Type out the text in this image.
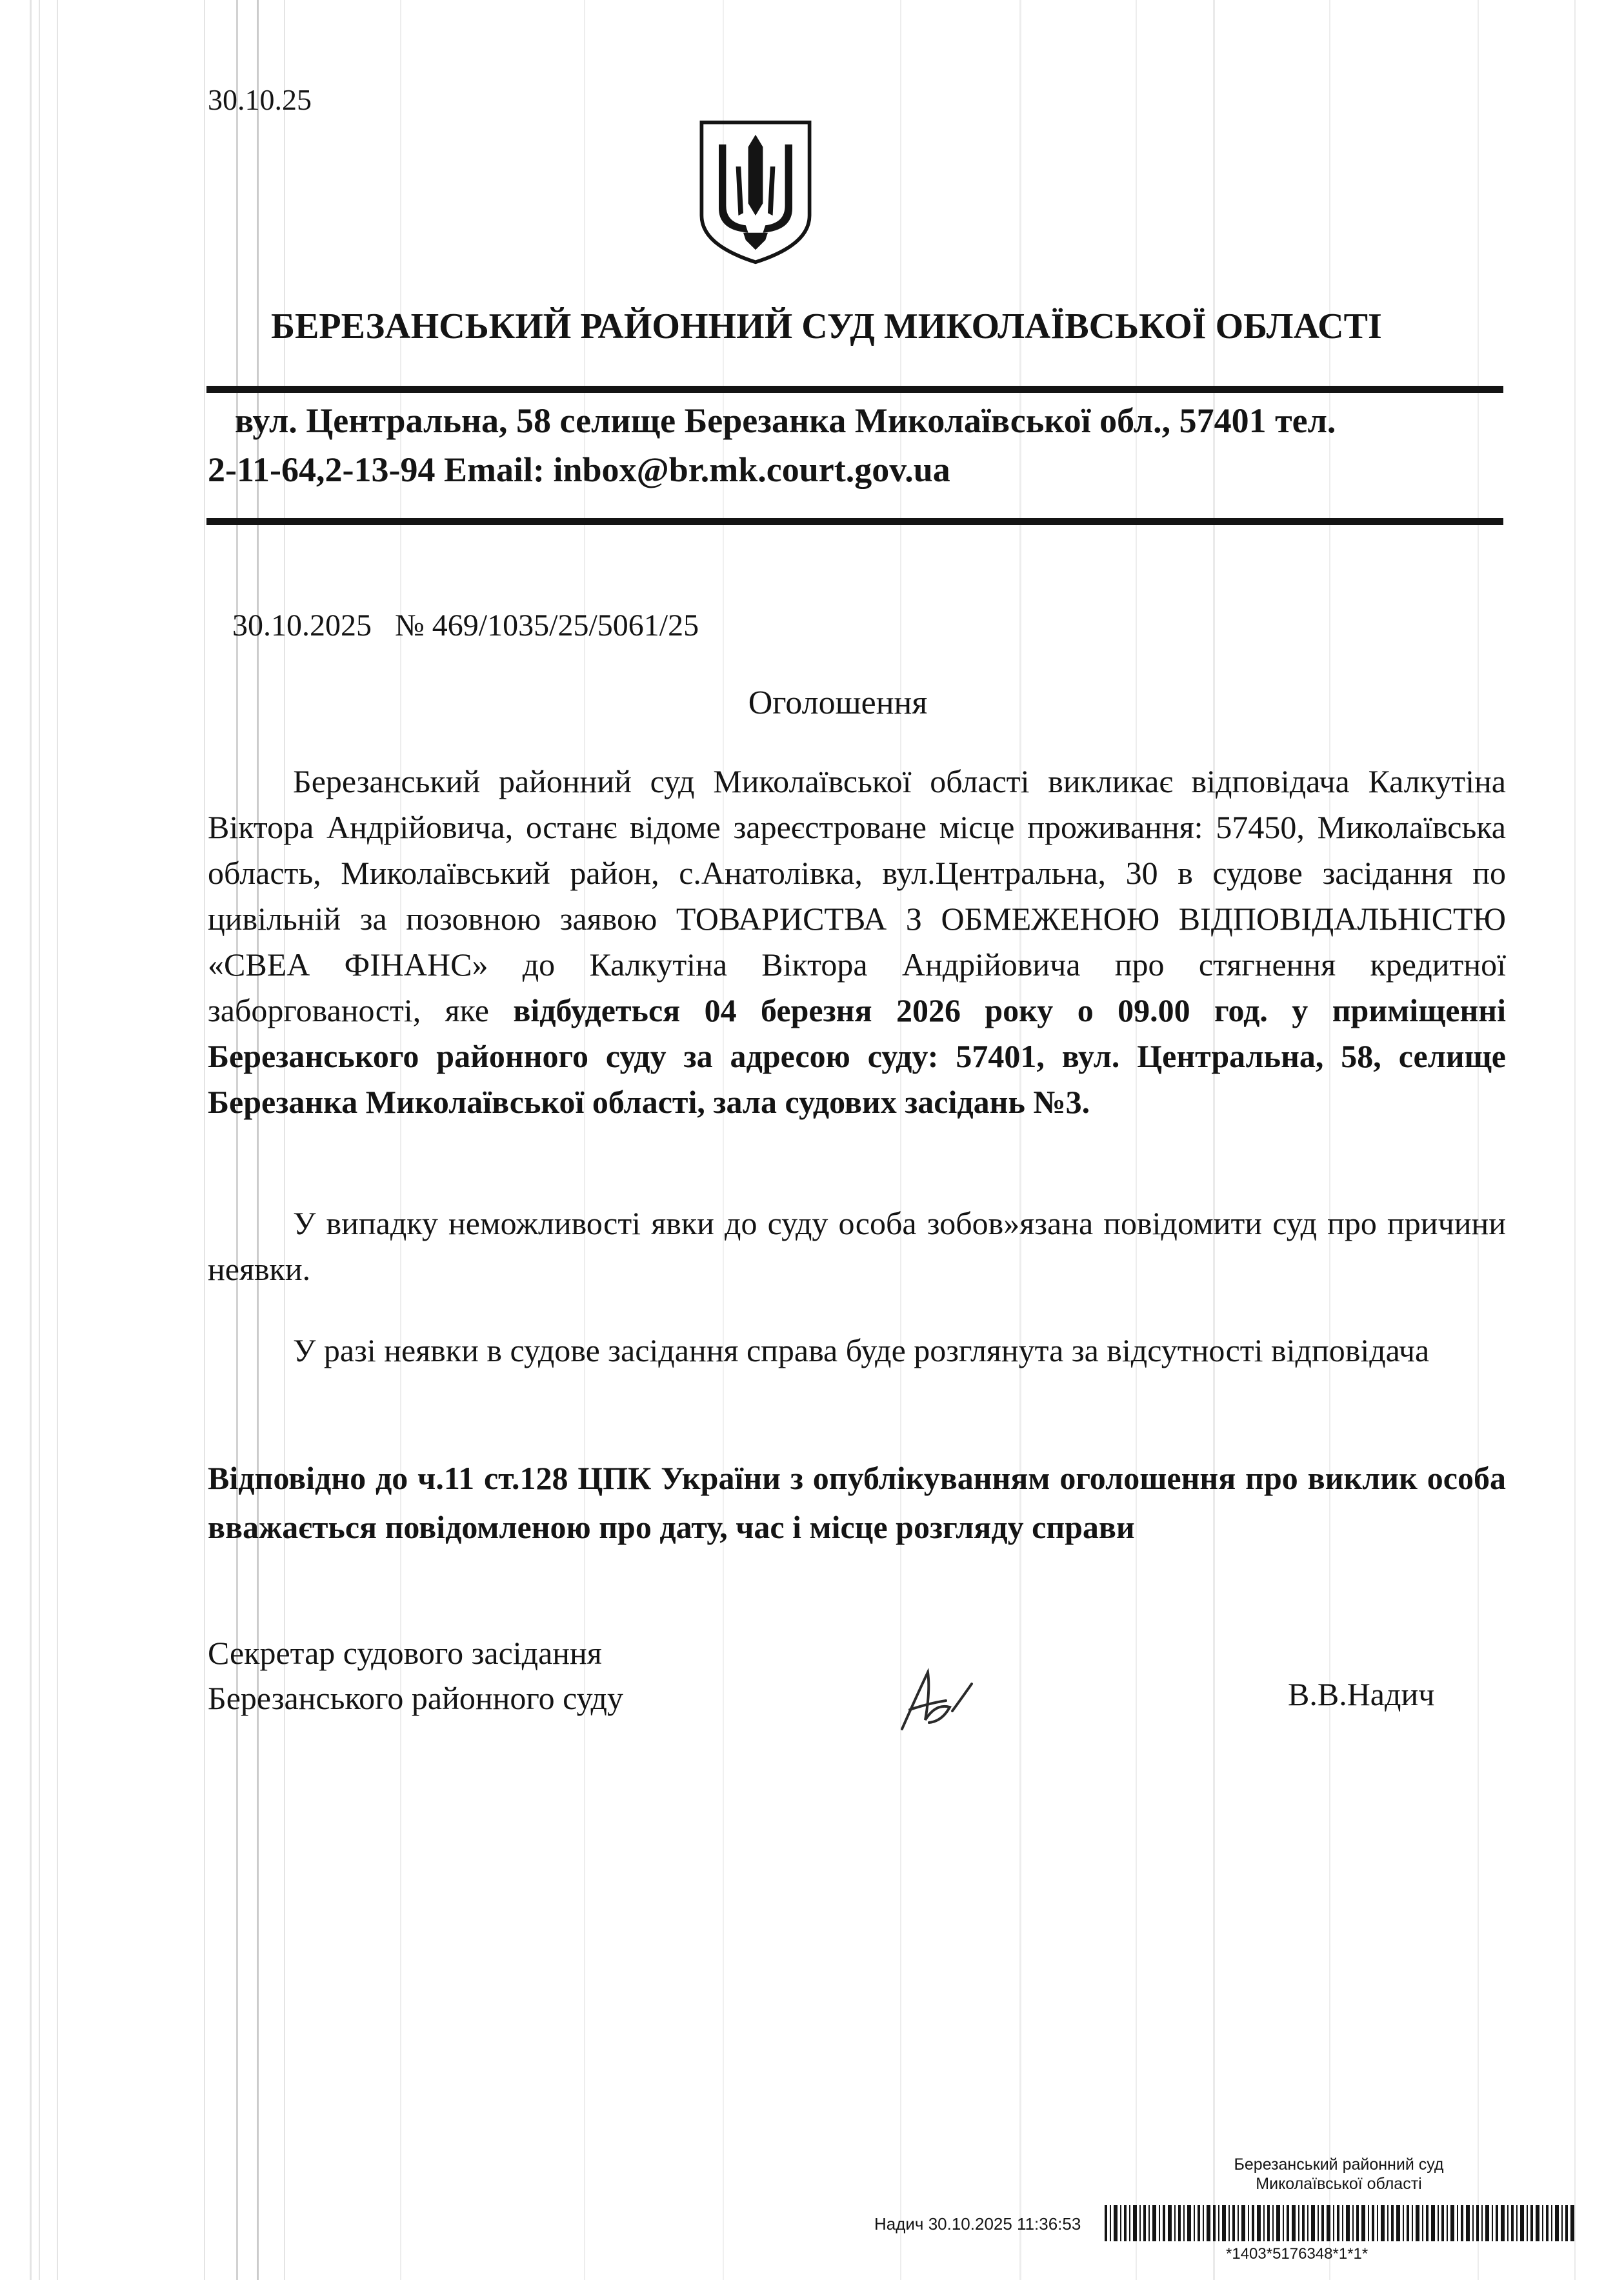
30.10.25
БЕРЕЗАНСЬКИЙ РАЙОННИЙ СУД МИКОЛАЇВСЬКОЇ ОБЛАСТІ
вул. Центральна, 58 селище Березанка Миколаївської обл., 57401 тел.
2-11-64,2-13-94 Email: inbox@br.mk.court.gov.ua
30.10.2025 № 469/1035/25/5061/25
Оголошення
Березанський районний суд Миколаївської області викликає відповідача Калкутіна Віктора Андрійовича, останє відоме зареєстроване місце проживання: 57450, Миколаївська область, Миколаївський район, с.Анатолівка, вул.Центральна, 30 в судове засідання по цивільній за позовною заявою ТОВАРИСТВА З ОБМЕЖЕНОЮ ВІДПОВІДАЛЬНІСТЮ «СВЕА ФІНАНС» до Калкутіна Віктора Андрійовича про стягнення кредитної заборгованості, яке відбудеться 04 березня 2026 року о 09.00 год. у приміщенні Березанського районного суду за адресою суду: 57401, вул. Центральна, 58, селище Березанка Миколаївської області, зала судових засідань №3.
У випадку неможливості явки до суду особа зобов»язана повідомити суд про причини неявки.
У разі неявки в судове засідання справа буде розглянута за відсутності відповідача
Відповідно до ч.11 ст.128 ЦПК України з опублікуванням оголошення про виклик особа вважається повідомленою про дату, час і місце розгляду справи
Секретар судового засідання
Березанського районного суду	В.В.Надич
Березанський районний суд
Миколаївської області
Надич 30.10.2025 11:36:53
*1403*5176348*1*1*
